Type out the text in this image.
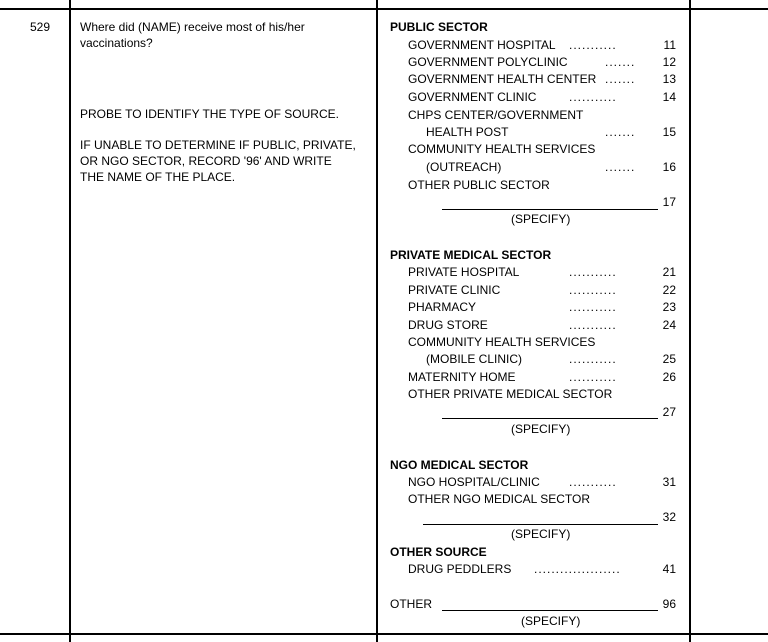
529 Where did (NAME) receive most of his/her
vaccinations?
PROBE TO IDENTIFY THE TYPE OF SOURCE.
IF UNABLE TO DETERMINE IF PUBLIC, PRIVATE,
OR NGO SECTOR, RECORD '96' AND WRITE
THE NAME OF THE PLACE.
PUBLIC SECTOR
GOVERNMENT HOSPITAL ...........	11
GOVERNMENT POLYCLINIC	.......	12
GOVERNMENT HEALTH CENTER .......	13
GOVERNMENT CLINIC	...........	14
CHPS CENTER/GOVERNMENT
HEALTH POST	.......	15
COMMUNITY HEALTH SERVICES
(OUTREACH)	.......	16
OTHER PUBLIC SECTOR
17
(SPECIFY)
PRIVATE MEDICAL SECTOR
PRIVATE HOSPITAL	...........	21
PRIVATE CLINIC	...........	22
PHARMACY	...........	23
DRUG STORE	...........	24
COMMUNITY HEALTH SERVICES
(MOBILE CLINIC)	...........	25
MATERNITY HOME	...........	26
OTHER PRIVATE MEDICAL SECTOR
27
(SPECIFY)
NGO MEDICAL SECTOR
NGO HOSPITAL/CLINIC ...........	31
OTHER NGO MEDICAL SECTOR
32
(SPECIFY)
OTHER SOURCE
DRUG PEDDLERS ....................	41
OTHER	96
(SPECIFY)
